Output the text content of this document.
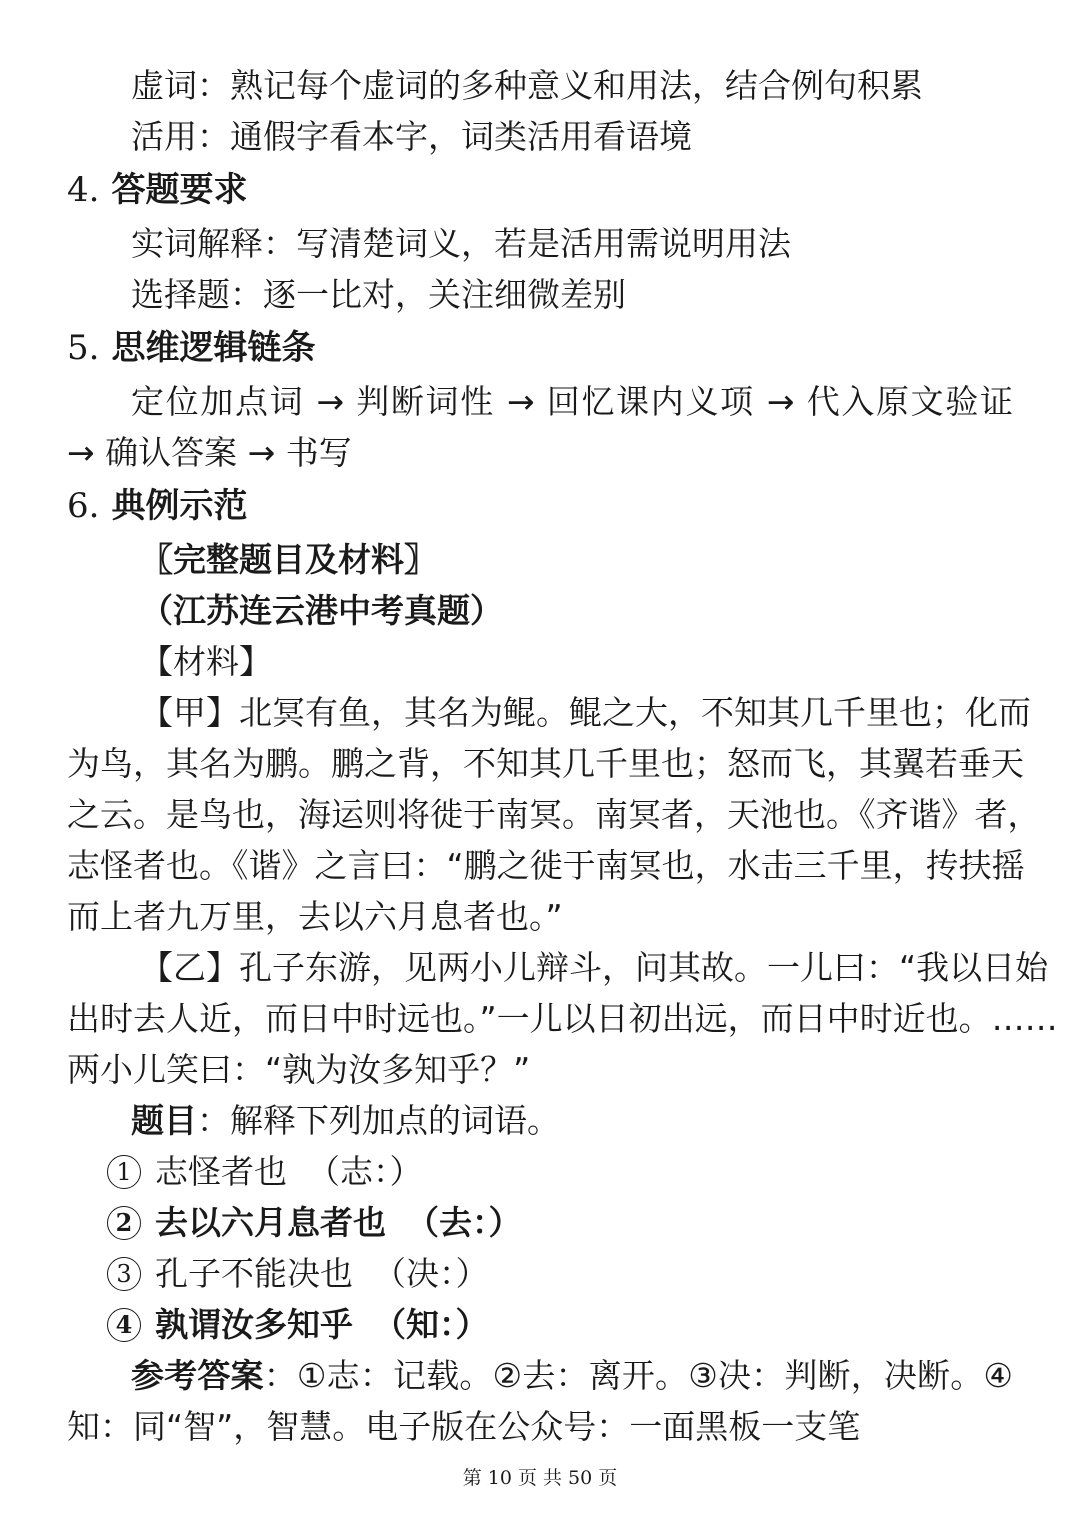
虚词：熟记每个虚词的多种意义和用法，结合例句积累
活用：通假字看本字，词类活用看语境
4. 答题要求
实词解释：写清楚词义，若是活用需说明用法
选择题：逐一比对，关注细微差别
5. 思维逻辑链条
定位加点词 → 判断词性 → 回忆课内义项 → 代入原文验证
→ 确认答案 → 书写
6. 典例示范
〖完整题目及材料〗
（江苏连云港中考真题）
【材料】
【甲】北冥有鱼，其名为鲲。鲲之大，不知其几千里也；化而
为鸟，其名为鹏。鹏之背，不知其几千里也；怒而飞，其翼若垂天
之云。是鸟也，海运则将徙于南冥。南冥者，天池也。《齐谐》者，
志怪者也。《谐》之言曰：“鹏之徙于南冥也，水击三千里，抟扶摇
而上者九万里，去以六月息者也。”
【乙】孔子东游，见两小儿辩斗，问其故。一儿曰：“我以日始
出时去人近，而日中时远也。”一儿以日初出远，而日中时近也。……
两小儿笑曰：“孰为汝多知乎？”
题目：解释下列加点的词语。
1 志怪者也 （志：）
2 去以六月息者也 （去：）
3 孔子不能决也 （决：）
4 孰谓汝多知乎 （知：）
参考答案：①志：记载。②去：离开。③决：判断，决断。④
知：同“智”，智慧。电子版在公众号：一面黑板一支笔
第 10 页 共 50 页
